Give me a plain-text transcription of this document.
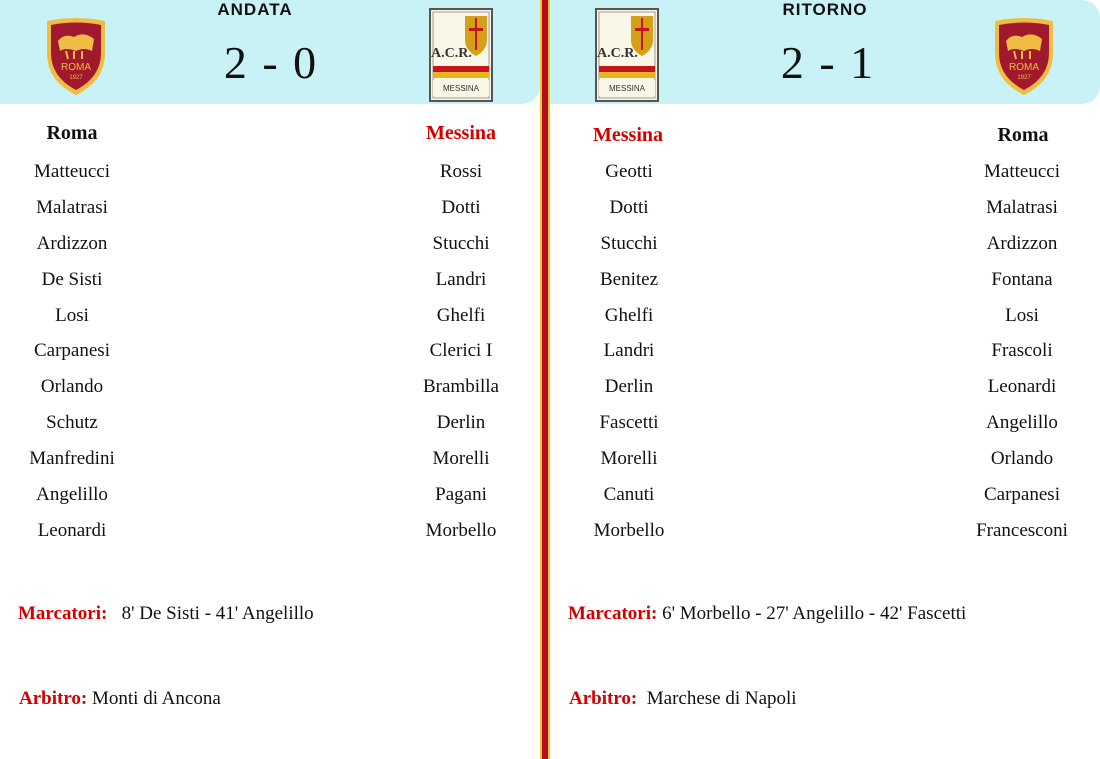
ANDATA
2 - 0
ROMA
1927
A.C.R.
MESSINA
Roma	Messina
Matteucci
Malatrasi
Ardizzon
De Sisti
Losi
Carpanesi
Orlando
Schutz
Manfredini
Angelillo
Leonardi
Rossi
Dotti
Stucchi
Landri
Ghelfi
Clerici I
Brambilla
Derlin
Morelli
Pagani
Morbello
Marcatori: 8' De Sisti - 41' Angelillo
Arbitro: Monti di Ancona
RITORNO
2 - 1
A.C.R.
MESSINA
ROMA
1927
Messina	Roma
Geotti
Dotti
Stucchi
Benitez
Ghelfi
Landri
Derlin
Fascetti
Morelli
Canuti
Morbello
Matteucci
Malatrasi
Ardizzon
Fontana
Losi
Frascoli
Leonardi
Angelillo
Orlando
Carpanesi
Francesconi
Marcatori: 6' Morbello - 27' Angelillo - 42' Fascetti
Arbitro: Marchese di Napoli
